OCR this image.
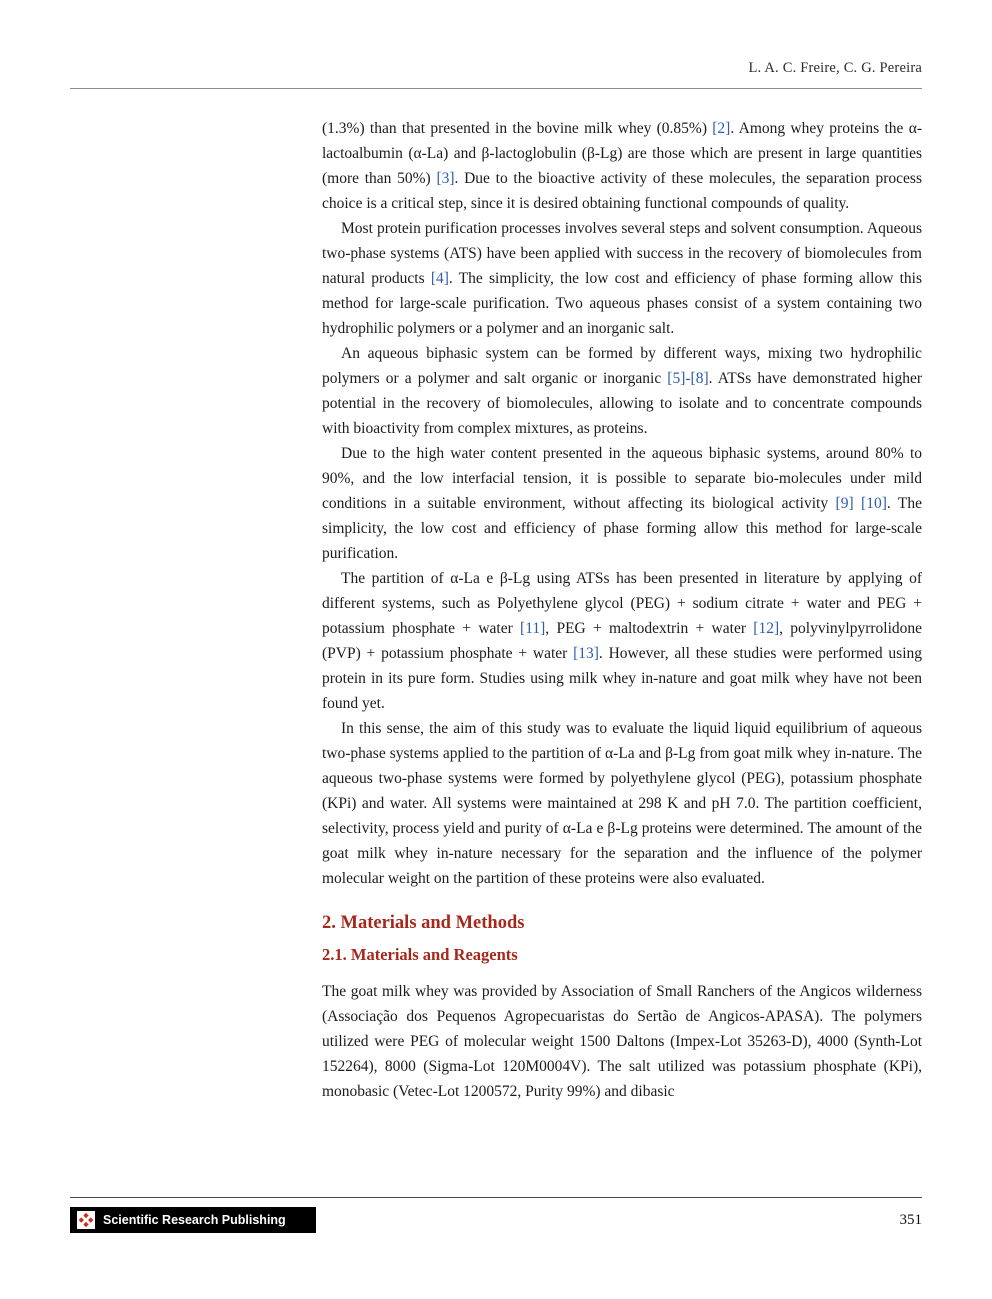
L. A. C. Freire, C. G. Pereira

(1.3%) than that presented in the bovine milk whey (0.85%) [2]. Among whey proteins the α-lactoalbumin (α-La) and β-lactoglobulin (β-Lg) are those which are present in large quantities (more than 50%) [3]. Due to the bioactive activity of these molecules, the separation process choice is a critical step, since it is desired obtaining functional compounds of quality.

Most protein purification processes involves several steps and solvent consumption. Aqueous two-phase systems (ATS) have been applied with success in the recovery of biomolecules from natural products [4]. The simplicity, the low cost and efficiency of phase forming allow this method for large-scale purification. Two aqueous phases consist of a system containing two hydrophilic polymers or a polymer and an inorganic salt.

An aqueous biphasic system can be formed by different ways, mixing two hydrophilic polymers or a polymer and salt organic or inorganic [5]-[8]. ATSs have demonstrated higher potential in the recovery of biomolecules, allowing to isolate and to concentrate compounds with bioactivity from complex mixtures, as proteins.

Due to the high water content presented in the aqueous biphasic systems, around 80% to 90%, and the low interfacial tension, it is possible to separate bio-molecules under mild conditions in a suitable environment, without affecting its biological activity [9] [10]. The simplicity, the low cost and efficiency of phase forming allow this method for large-scale purification.

The partition of α-La e β-Lg using ATSs has been presented in literature by applying of different systems, such as Polyethylene glycol (PEG) + sodium citrate + water and PEG + potassium phosphate + water [11], PEG + maltodextrin + water [12], polyvinylpyrrolidone (PVP) + potassium phosphate + water [13]. However, all these studies were performed using protein in its pure form. Studies using milk whey in-nature and goat milk whey have not been found yet.

In this sense, the aim of this study was to evaluate the liquid liquid equilibrium of aqueous two-phase systems applied to the partition of α-La and β-Lg from goat milk whey in-nature. The aqueous two-phase systems were formed by polyethylene glycol (PEG), potassium phosphate (KPi) and water. All systems were maintained at 298 K and pH 7.0. The partition coefficient, selectivity, process yield and purity of α-La e β-Lg proteins were determined. The amount of the goat milk whey in-nature necessary for the separation and the influence of the polymer molecular weight on the partition of these proteins were also evaluated.

2. Materials and Methods
2.1. Materials and Reagents

The goat milk whey was provided by Association of Small Ranchers of the Angicos wilderness (Associação dos Pequenos Agropecuaristas do Sertão de Angicos-APASA). The polymers utilized were PEG of molecular weight 1500 Daltons (Impex-Lot 35263-D), 4000 (Synth-Lot 152264), 8000 (Sigma-Lot 120M0004V). The salt utilized was potassium phosphate (KPi), monobasic (Vetec-Lot 1200572, Purity 99%) and dibasic

Scientific Research Publishing	351
